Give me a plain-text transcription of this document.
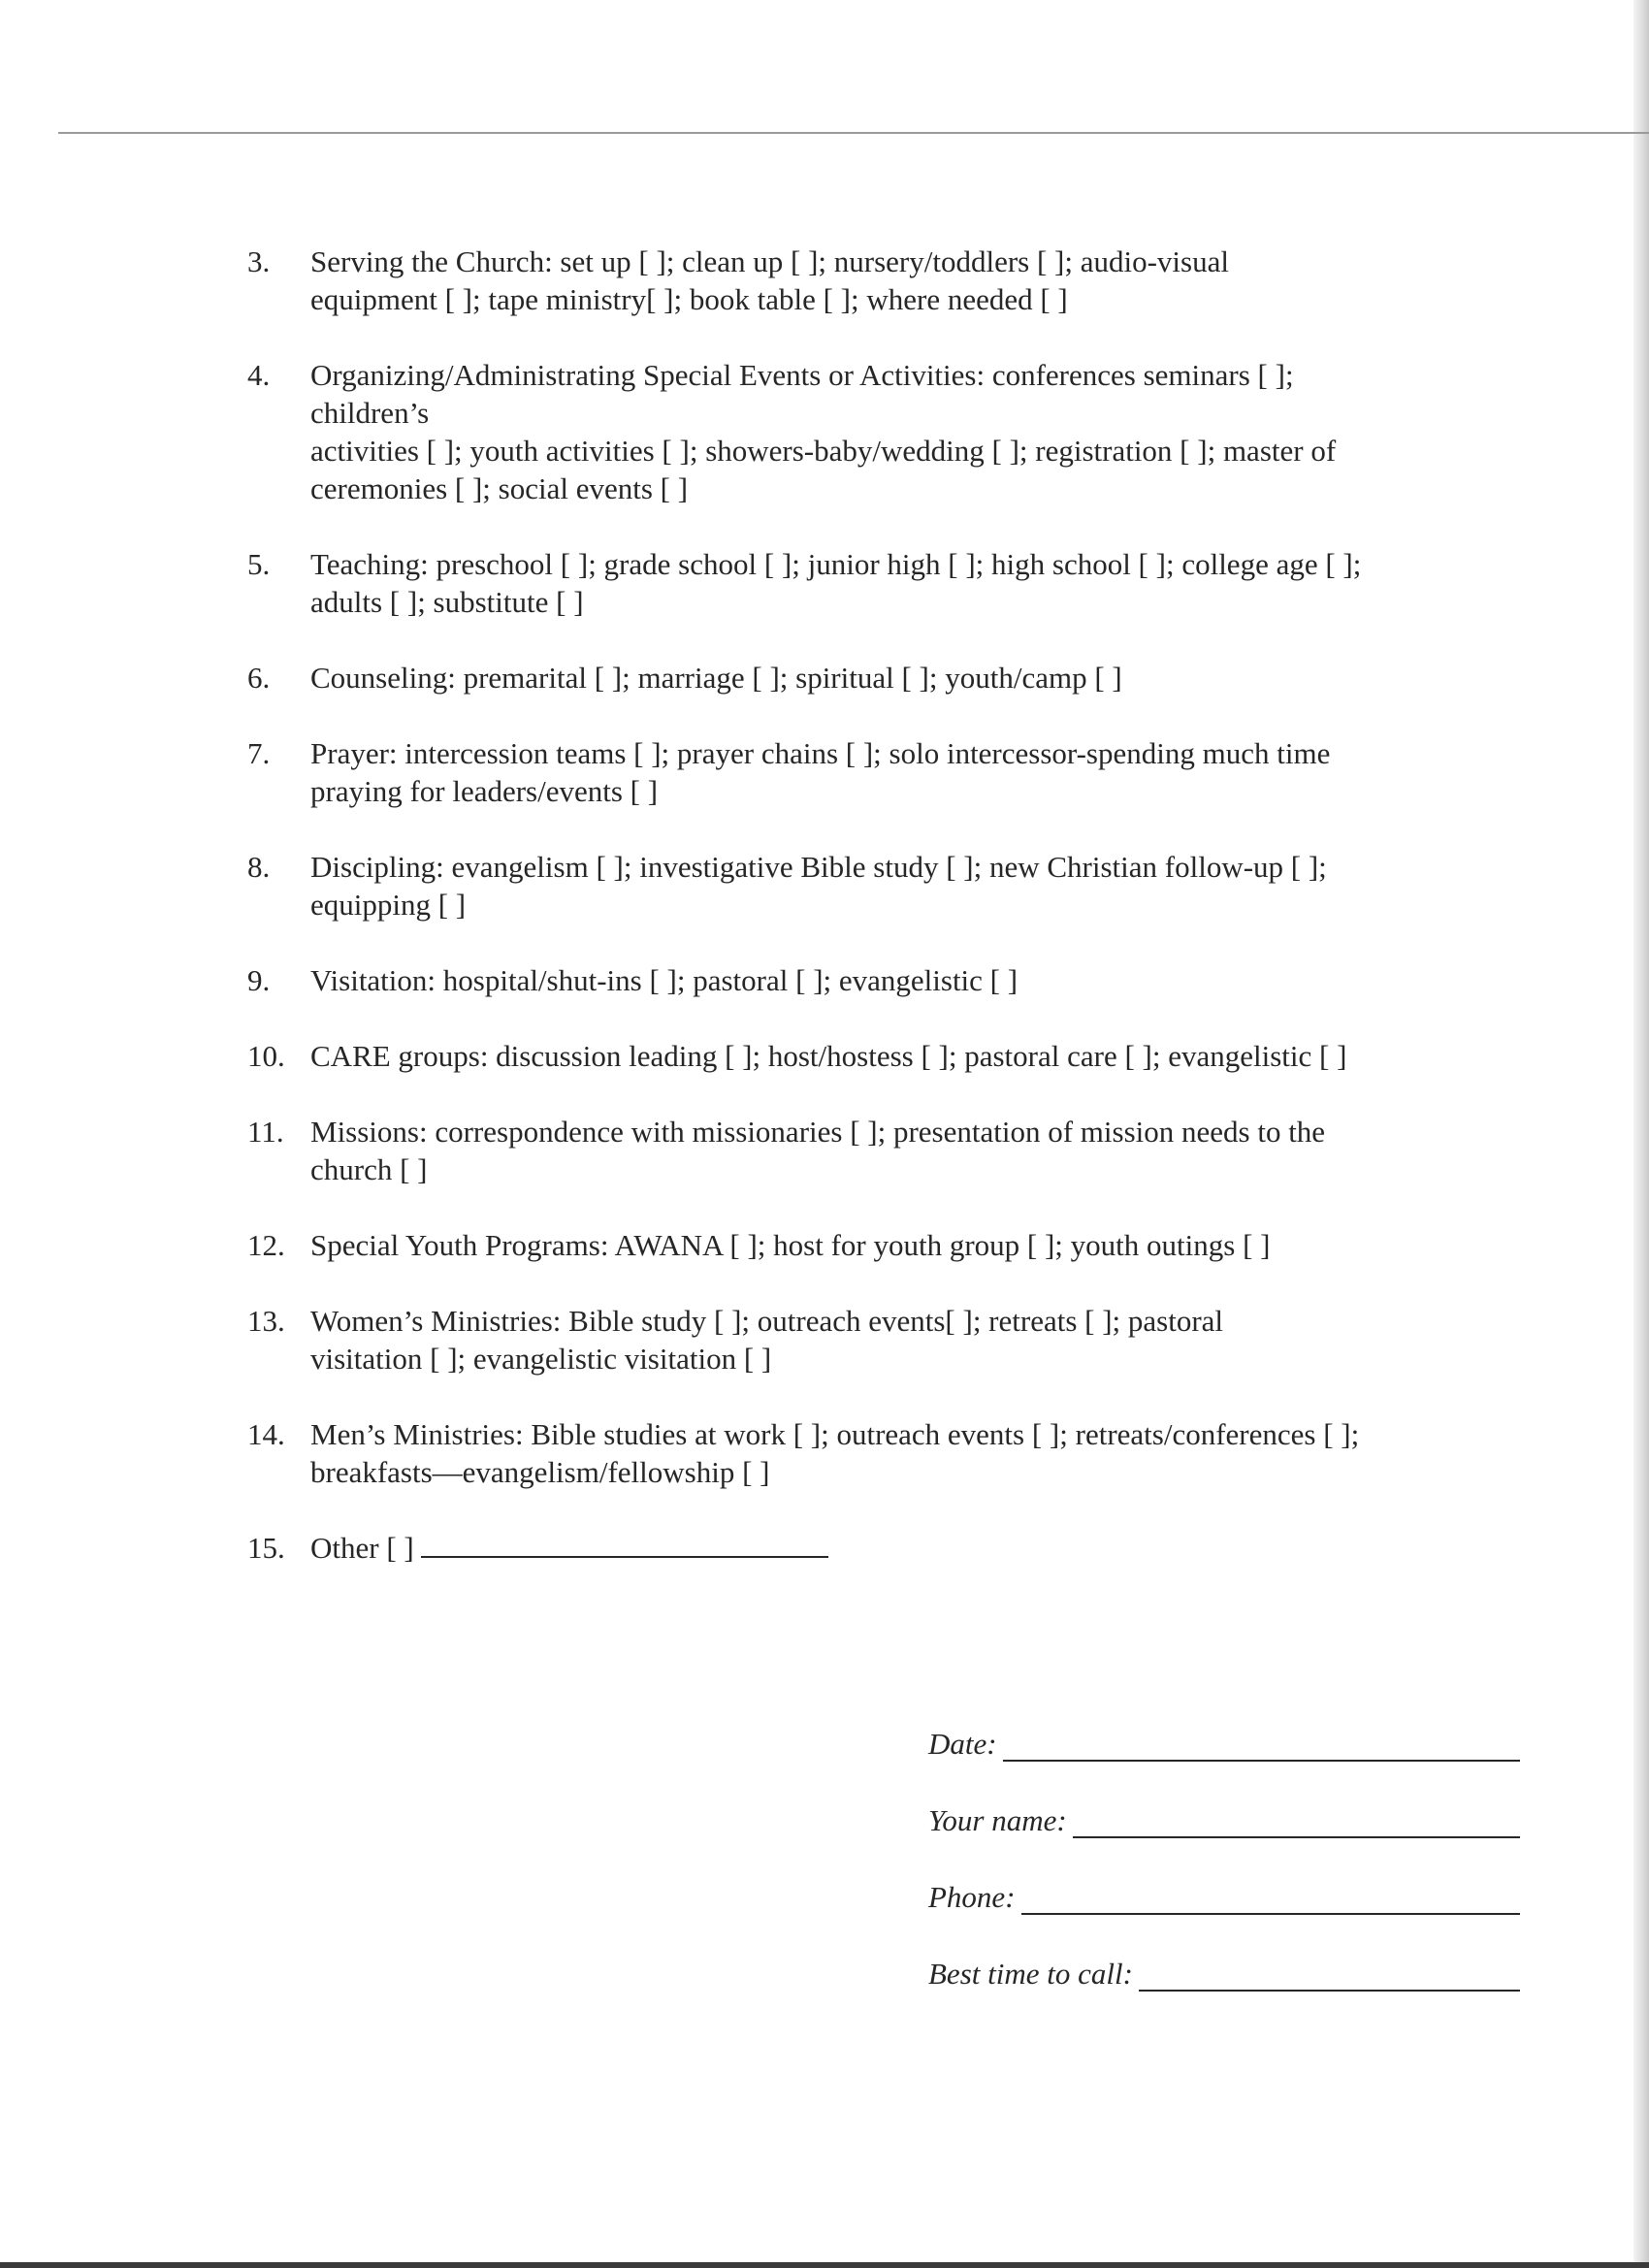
3.	Serving the Church: set up [ ]; clean up [ ]; nursery/toddlers [ ]; audio-visual
equipment [ ]; tape ministry[ ]; book table [ ]; where needed [ ]
4.	Organizing/Administrating Special Events or Activities: conferences seminars [ ];
children’s
activities [ ]; youth activities [ ]; showers-baby/wedding [ ]; registration [ ]; master of
ceremonies [ ]; social events [ ]
5.	Teaching: preschool [ ]; grade school [ ]; junior high [ ]; high school [ ]; college age [ ];
adults [ ]; substitute [ ]
6.	Counseling: premarital [ ]; marriage [ ]; spiritual [ ]; youth/camp [ ]
7.	Prayer: intercession teams [ ]; prayer chains [ ]; solo intercessor-spending much time
praying for leaders/events [ ]
8.	Discipling: evangelism [ ]; investigative Bible study [ ]; new Christian follow-up [ ];
equipping [ ]
9.	Visitation: hospital/shut-ins [ ]; pastoral [ ]; evangelistic [ ]
10. CARE groups: discussion leading [ ]; host/hostess [ ]; pastoral care [ ]; evangelistic [ ]
11. Missions: correspondence with missionaries [ ]; presentation of mission needs to the
church [ ]
12. Special Youth Programs: AWANA [ ]; host for youth group [ ]; youth outings [ ]
13. Women’s Ministries: Bible study [ ]; outreach events[ ]; retreats [ ]; pastoral
visitation [ ]; evangelistic visitation [ ]
14. Men’s Ministries: Bible studies at work [ ]; outreach events [ ]; retreats/conferences [ ];
breakfasts—evangelism/fellowship [ ]
15. Other [ ]
Date:
Your name:
Phone:
Best time to call:
